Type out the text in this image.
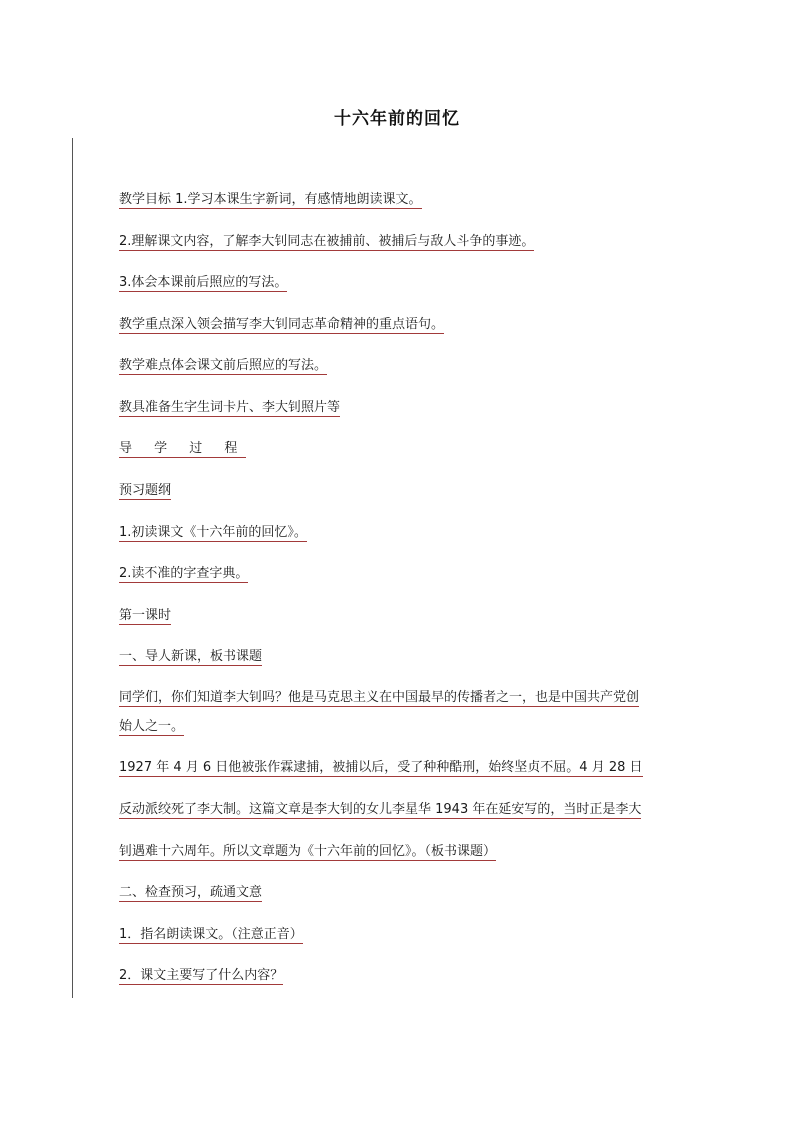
十六年前的回忆
教学目标 1.学习本课生字新词，有感情地朗读课文。
2.理解课文内容，了解李大钊同志在被捕前、被捕后与敌人斗争的事迹。
3.体会本课前后照应的写法。
教学重点深入领会描写李大钊同志革命精神的重点语句。
教学难点体会课文前后照应的写法。
教具准备生字生词卡片、李大钊照片等
导 学 过 程
预习题纲
1.初读课文《十六年前的回忆》。
2.读不准的字查字典。
第一课时
一、导人新课，板书课题
同学们，你们知道李大钊吗？他是马克思主义在中国最早的传播者之一，也是中国共产党创
始人之一。
1927 年 4 月 6 日他被张作霖逮捕，被捕以后，受了种种酷刑，始终坚贞不屈。4 月 28 日
反动派绞死了李大制。这篇文章是李大钊的女儿李星华 1943 年在延安写的，当时正是李大
钊遇难十六周年。所以文章题为《十六年前的回忆》。（板书课题）
二、检查预习，疏通文意
1．指名朗读课文。（注意正音）
2．课文主要写了什么内容？
